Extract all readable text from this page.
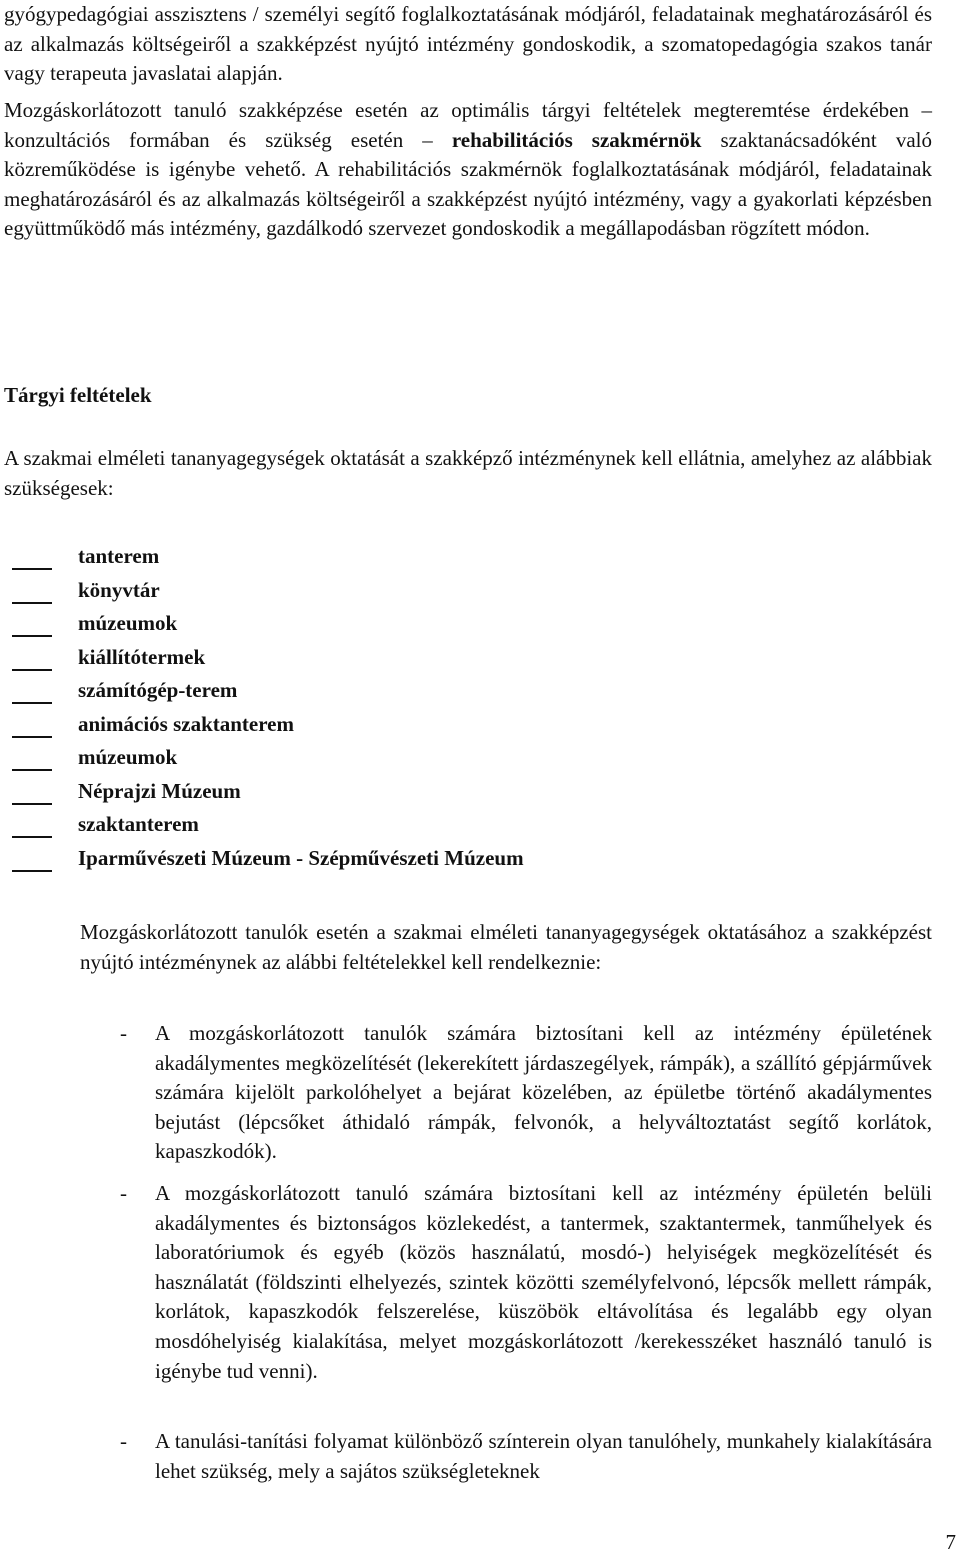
gyógypedagógiai asszisztens / személyi segítő foglalkoztatásának módjáról, feladatainak meghatározásáról és az alkalmazás költségeiről a szakképzést nyújtó intézmény gondoskodik, a szomatopedagógia szakos tanár vagy terapeuta javaslatai alapján.

Mozgáskorlátozott tanuló szakképzése esetén az optimális tárgyi feltételek megteremtése érdekében – konzultációs formában és szükség esetén – rehabilitációs szakmérnök szaktanácsadóként való közreműködése is igénybe vehető. A rehabilitációs szakmérnök foglalkoztatásának módjáról, feladatainak meghatározásáról és az alkalmazás költségeiről a szakképzést nyújtó intézmény, vagy a gyakorlati képzésben együttműködő más intézmény, gazdálkodó szervezet gondoskodik a megállapodásban rögzített módon.

Tárgyi feltételek

A szakmai elméleti tananyagegységek oktatását a szakképző intézménynek kell ellátnia, amelyhez az alábbiak szükségesek:

tanterem
könyvtár
múzeumok
kiállítótermek
számítógép-terem
animációs szaktanterem
múzeumok
Néprajzi Múzeum
szaktanterem
Iparművészeti Múzeum - Szépművészeti Múzeum

Mozgáskorlátozott tanulók esetén a szakmai elméleti tananyagegységek oktatásához a szakképzést nyújtó intézménynek az alábbi feltételekkel kell rendelkeznie:

- A mozgáskorlátozott tanulók számára biztosítani kell az intézmény épületének akadálymentes megközelítését (lekerekített járdaszegélyek, rámpák), a szállító gépjárművek számára kijelölt parkolóhelyet a bejárat közelében, az épületbe történő akadálymentes bejutást (lépcsőket áthidaló rámpák, felvonók, a helyváltoztatást segítő korlátok, kapaszkodók).

- A mozgáskorlátozott tanuló számára biztosítani kell az intézmény épületén belüli akadálymentes és biztonságos közlekedést, a tantermek, szaktantermek, tanműhelyek és laboratóriumok és egyéb (közös használatú, mosdó-) helyiségek megközelítését és használatát (földszinti elhelyezés, szintek közötti személyfelvonó, lépcsők mellett rámpák, korlátok, kapaszkodók felszerelése, küszöbök eltávolítása és legalább egy olyan mosdóhelyiség kialakítása, melyet mozgáskorlátozott /kerekesszéket használó tanuló is igénybe tud venni).

- A tanulási-tanítási folyamat különböző színterein olyan tanulóhely, munkahely kialakítására lehet szükség, mely a sajátos szükségleteknek

7
